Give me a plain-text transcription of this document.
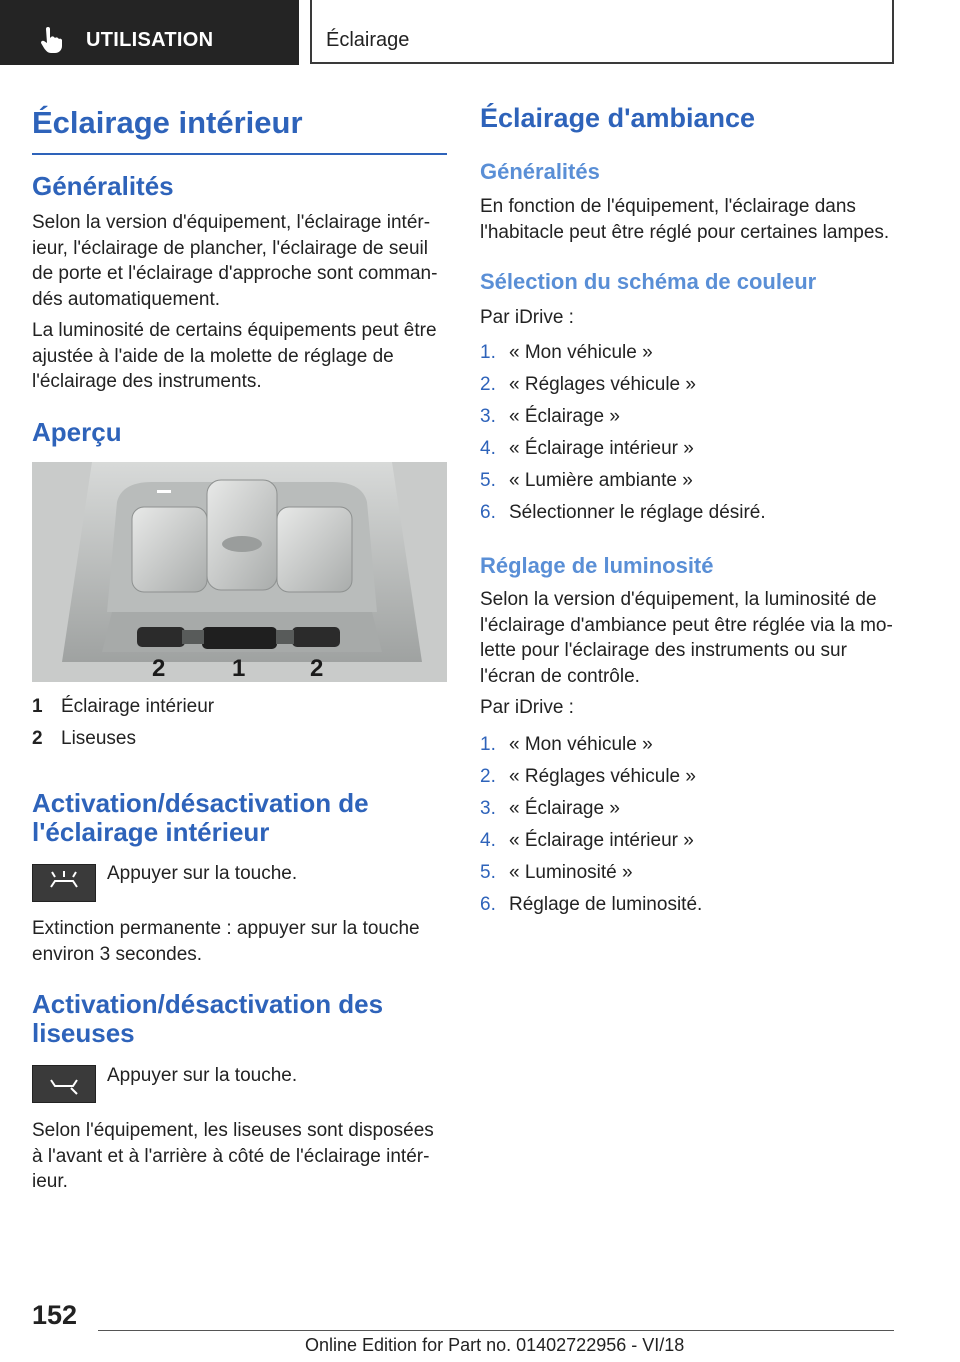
UTILISATION	Éclairage
Éclairage intérieur
Généralités
Selon la version d'équipement, l'éclairage intér-
ieur, l'éclairage de plancher, l'éclairage de seuil
de porte et l'éclairage d'approche sont comman-
dés automatiquement.
La luminosité de certains équipements peut être
ajustée à l'aide de la molette de réglage de
l'éclairage des instruments.
Aperçu
2	1	2
1 Éclairage intérieur
2 Liseuses
Activation/désactivation de
l'éclairage intérieur
Appuyer sur la touche.
Extinction permanente : appuyer sur la touche
environ 3 secondes.
Activation/désactivation des
liseuses
Appuyer sur la touche.
Selon l'équipement, les liseuses sont disposées
à l'avant et à l'arrière à côté de l'éclairage intér-
ieur.
Éclairage d'ambiance
Généralités
En fonction de l'équipement, l'éclairage dans
l'habitacle peut être réglé pour certaines lampes.
Sélection du schéma de couleur
Par iDrive :
1. « Mon véhicule »
2. « Réglages véhicule »
3. « Éclairage »
4. « Éclairage intérieur »
5. « Lumière ambiante »
6. Sélectionner le réglage désiré.
Réglage de luminosité
Selon la version d'équipement, la luminosité de
l'éclairage d'ambiance peut être réglée via la mo-
lette pour l'éclairage des instruments ou sur
l'écran de contrôle.
Par iDrive :
1. « Mon véhicule »
2. « Réglages véhicule »
3. « Éclairage »
4. « Éclairage intérieur »
5. « Luminosité »
6. Réglage de luminosité.
152
Online Edition for Part no. 01402722956 - VI/18
